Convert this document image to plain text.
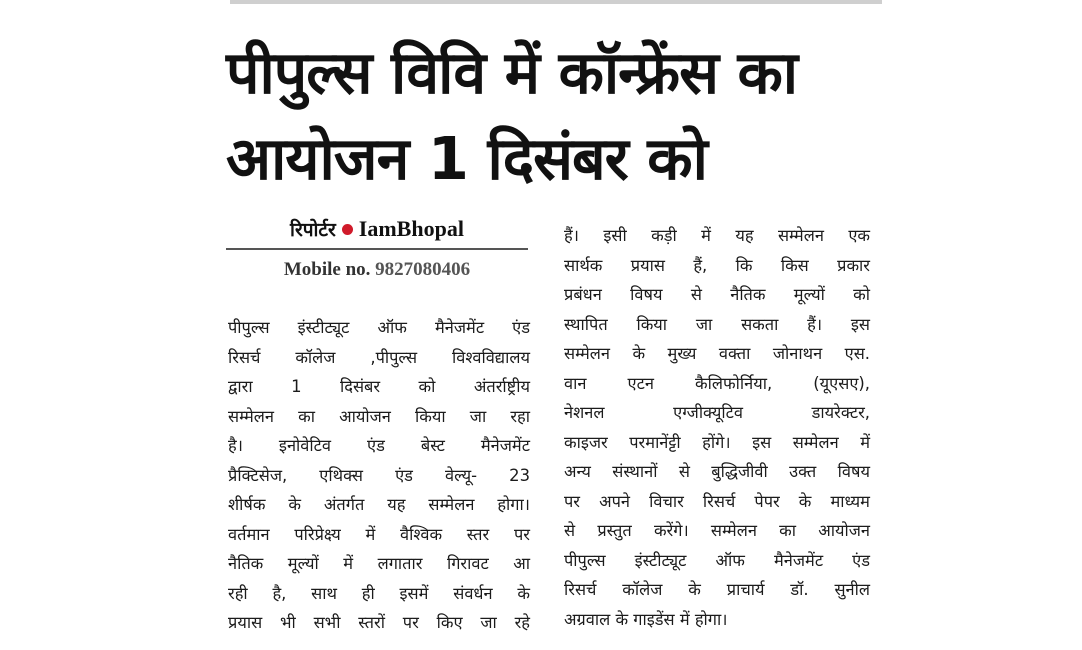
पीपुल्स विवि में कॉन्फ्रेंस का
आयोजन 1 दिसंबर को
रिपोर्टर IamBhopal
Mobile no. 9827080406
पीपुल्स इंस्टीट्यूट ऑफ मैनेजमेंट एंड
रिसर्च कॉलेज ,पीपुल्स विश्वविद्यालय
द्वारा 1 दिसंबर को अंतर्राष्ट्रीय
सम्मेलन का आयोजन किया जा रहा
है। इनोवेटिव एंड बेस्ट मैनेजमेंट
प्रैक्टिसेज, एथिक्स एंड वेल्यू- 23
शीर्षक के अंतर्गत यह सम्मेलन होगा।
वर्तमान परिप्रेक्ष्य में वैश्विक स्तर पर
नैतिक मूल्यों में लगातार गिरावट आ
रही है, साथ ही इसमें संवर्धन के
प्रयास भी सभी स्तरों पर किए जा रहे
हैं। इसी कड़ी में यह सम्मेलन एक
सार्थक प्रयास हैं, कि किस प्रकार
प्रबंधन विषय से नैतिक मूल्यों को
स्थापित किया जा सकता हैं। इस
सम्मेलन के मुख्य वक्ता जोनाथन एस.
वान एटन कैलिफोर्निया, (यूएसए),
नेशनल एग्जीक्यूटिव डायरेक्टर,
काइजर परमानेंट्टी होंगे। इस सम्मेलन में
अन्य संस्थानों से बुद्धिजीवी उक्त विषय
पर अपने विचार रिसर्च पेपर के माध्यम
से प्रस्तुत करेंगे। सम्मेलन का आयोजन
पीपुल्स इंस्टीट्यूट ऑफ मैनेजमेंट एंड
रिसर्च कॉलेज के प्राचार्य डॉ. सुनील
अग्रवाल के गाइडेंस में होगा।
